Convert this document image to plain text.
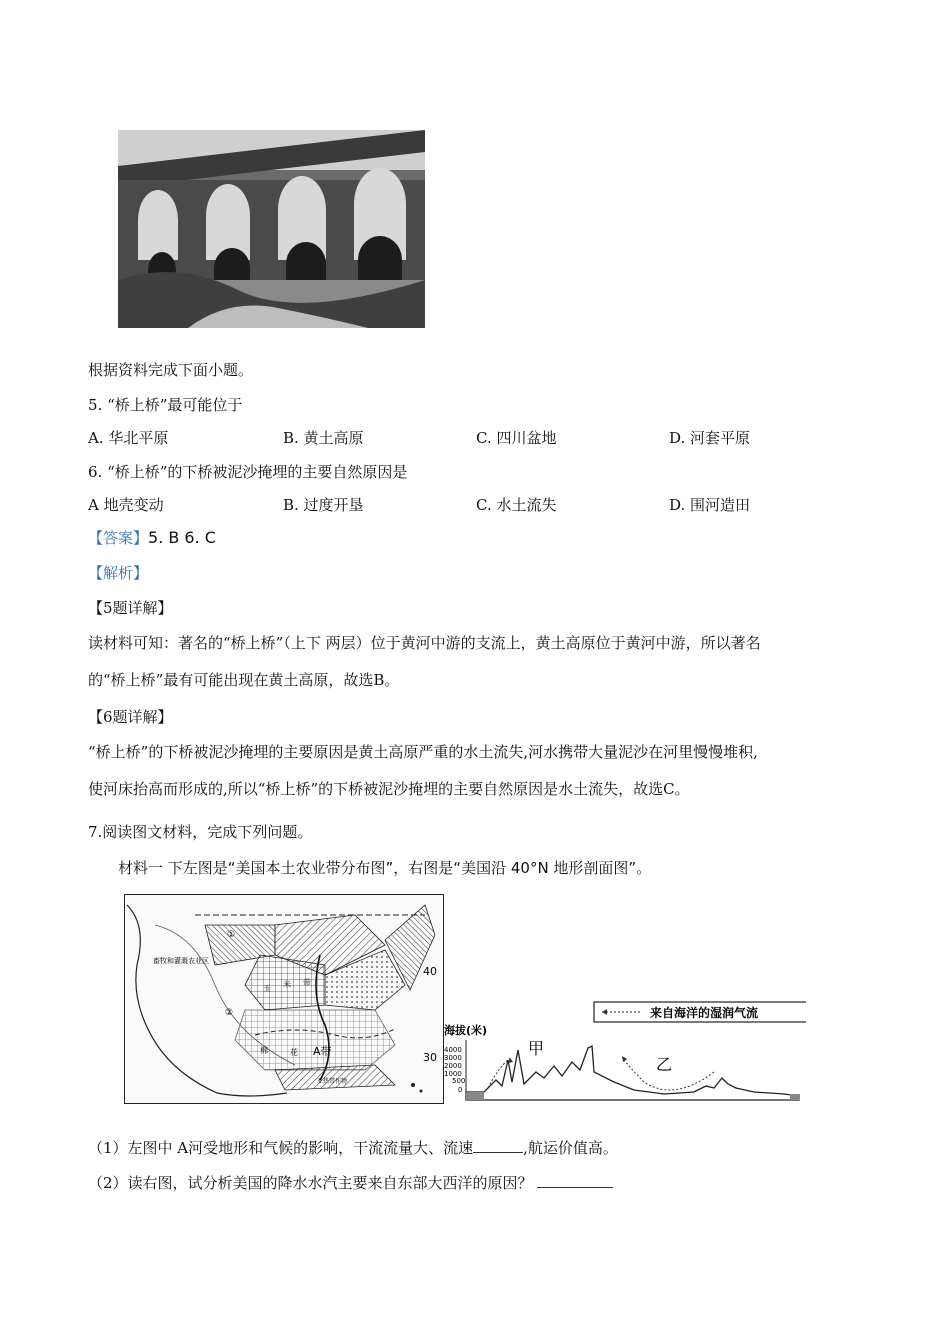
根据资料完成下面小题。
5. “桥上桥”最可能位于
A. 华北平原	B. 黄土高原	C. 四川盆地	D. 河套平原
6. “桥上桥”的下桥被泥沙掩埋的主要自然原因是
A 地壳变动	B. 过度开垦	C. 水土流失	D. 围河造田
【答案】5. B 6. C
【解析】
【5题详解】
读材料可知：著名的“桥上桥”（上下 两层）位于黄河中游的支流上，黄土高原位于黄河中游，所以著名
的“桥上桥”最有可能出现在黄土高原，故选B。
【6题详解】
“桥上桥”的下桥被泥沙掩埋的主要原因是黄土高原严重的水土流失,河水携带大量泥沙在河里慢慢堆积,
使河床抬高而形成的,所以“桥上桥”的下桥被泥沙掩埋的主要自然原因是水土流失，故选C。
7.阅读图文材料，完成下列问题。
材料一 下左图是“美国本土农业带分布图”，右图是“美国沿 40°N 地形剖面图”。
畜牧和灌溉农业区
①
②
玉 米 带
棉	花 A带
40
30
亚热带作物
来自海洋的湿润气流
海拔(米)
4000
3000
2000
1000
500
0
甲
乙
（1）左图中 A河受地形和气候的影响，干流流量大、流速	,航运价值高。
（2）读右图，试分析美国的降水水汽主要来自东部大西洋的原因？
